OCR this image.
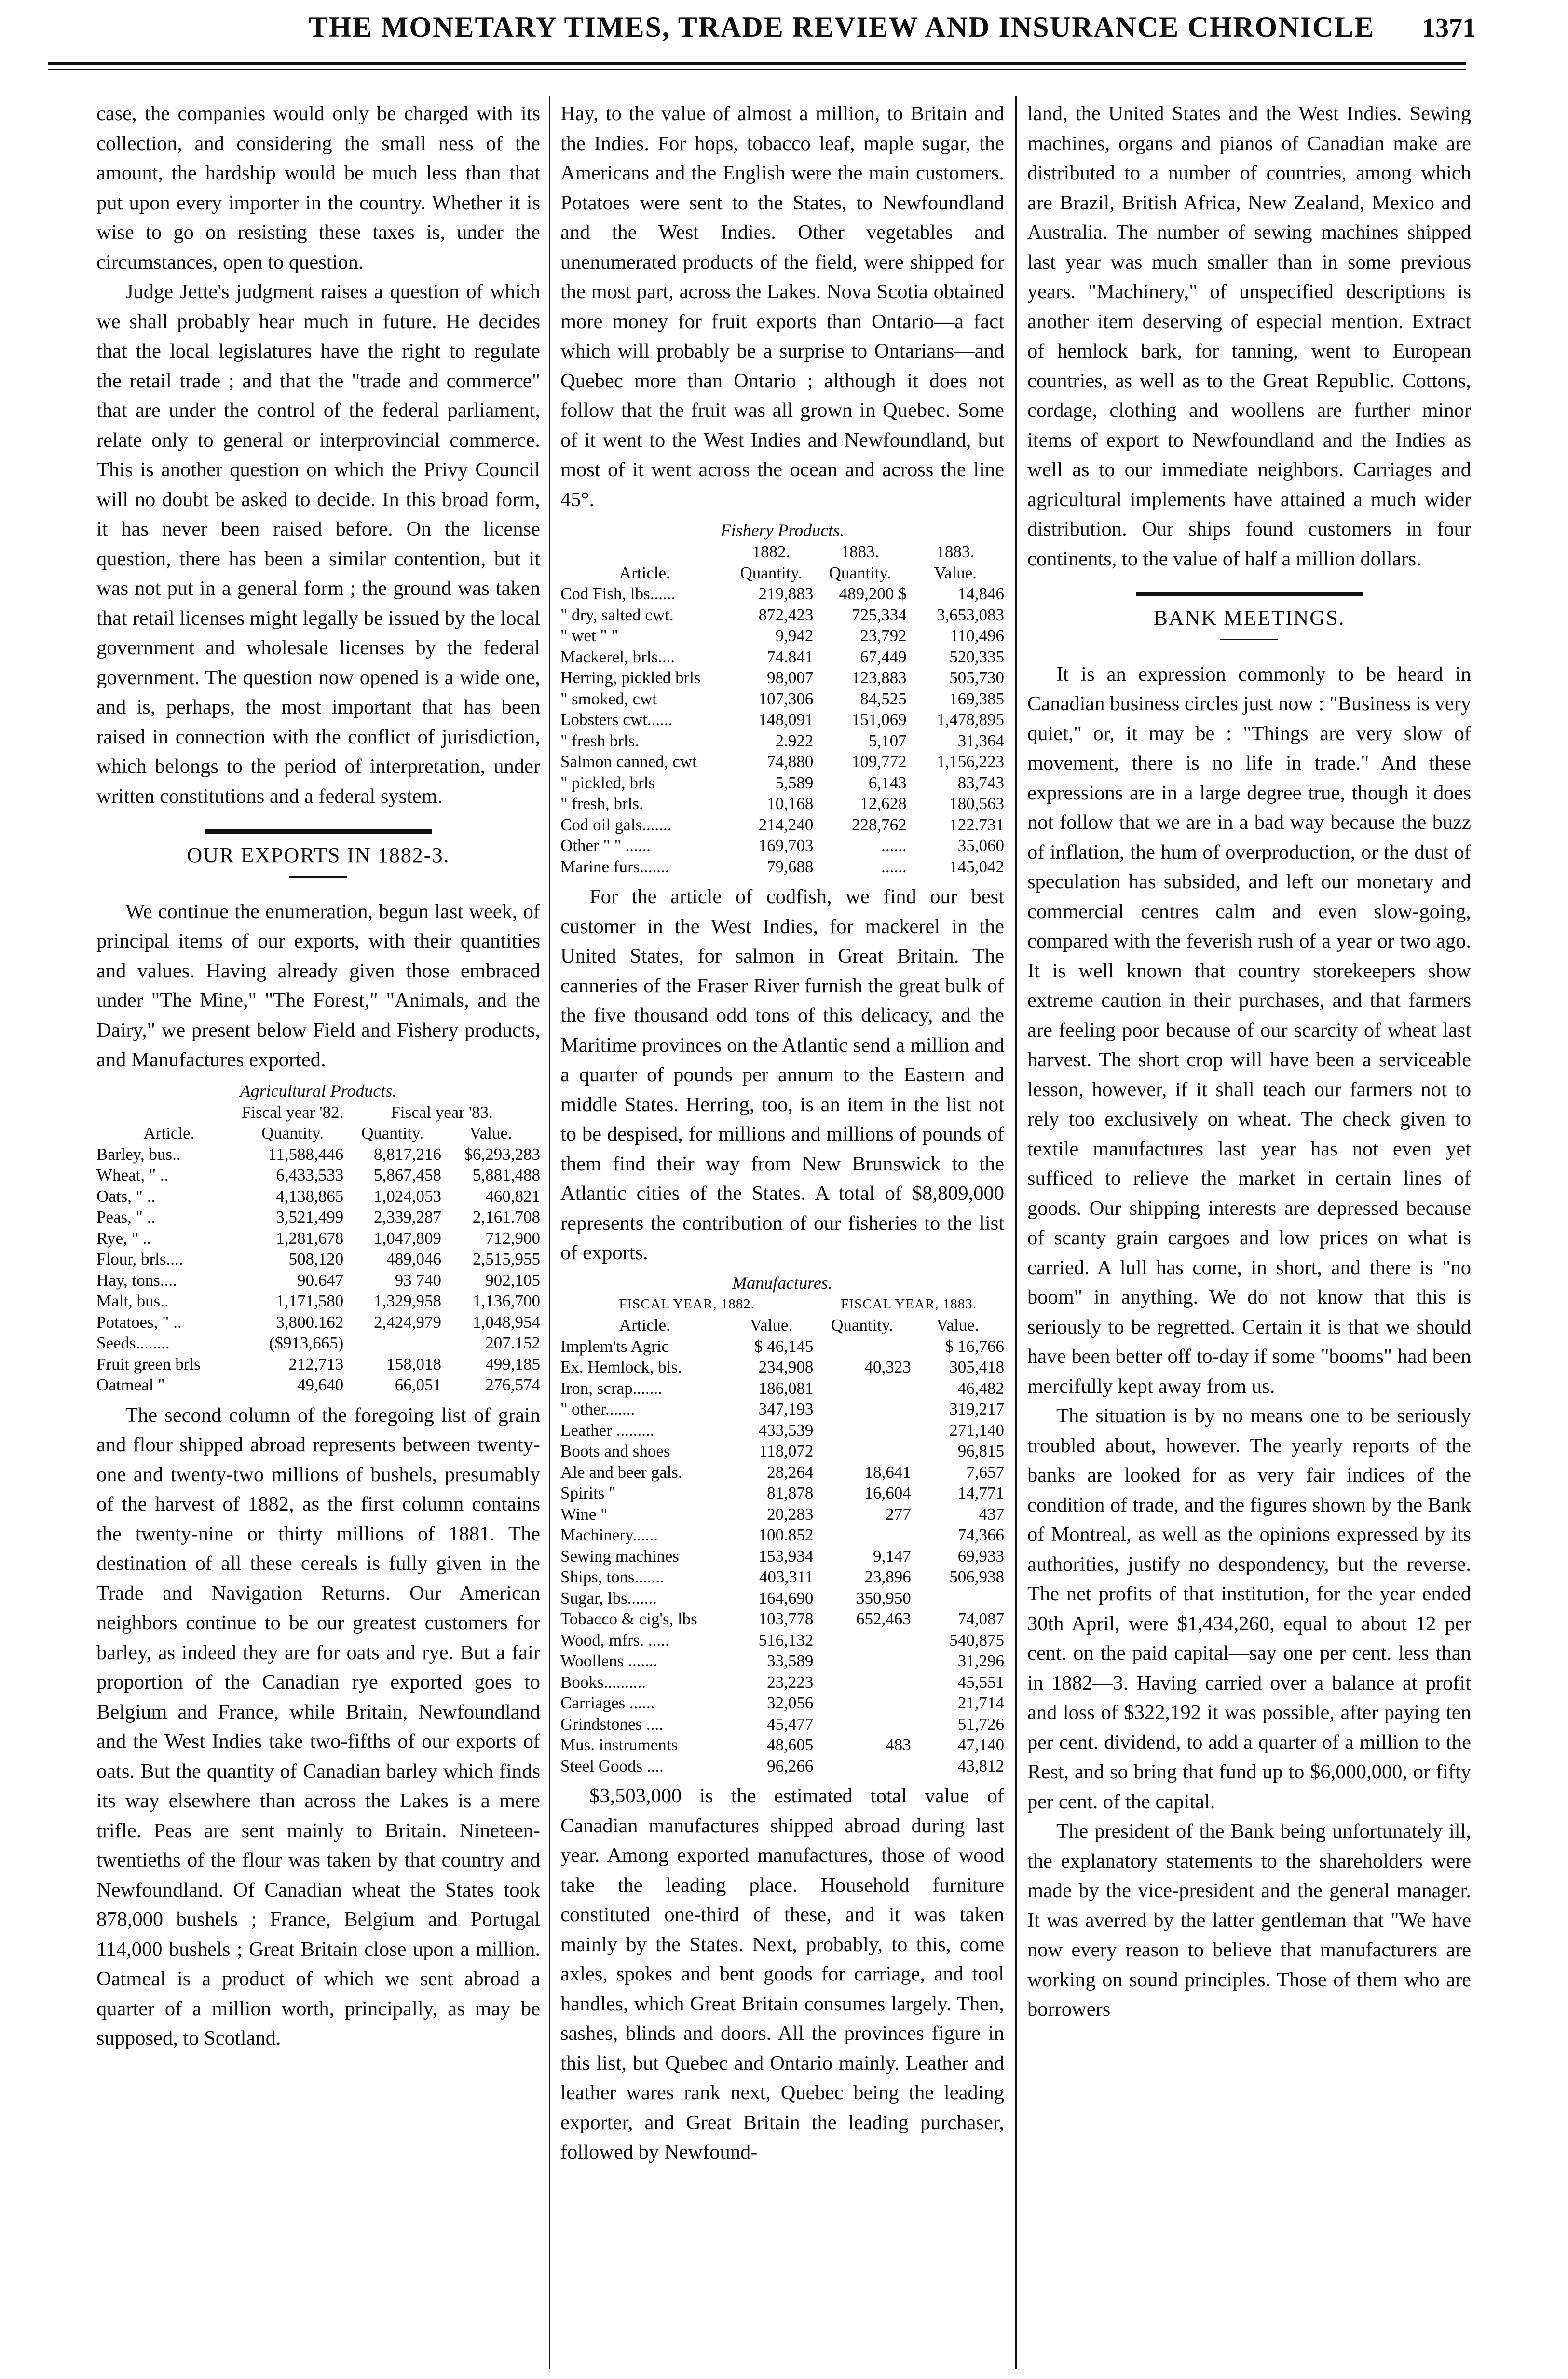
THE MONETARY TIMES, TRADE REVIEW AND INSURANCE CHRONICLE 1371

case, the companies would only be charged with its collection, and considering the small ness of the amount, the hardship would be much less than that put upon every importer in the country. Whether it is wise to go on resisting these taxes is, under the circumstances, open to question.

Judge Jette's judgment raises a question of which we shall probably hear much in future. He decides that the local legislatures have the right to regulate the retail trade ; and that the "trade and commerce" that are under the control of the federal parliament, relate only to general or interprovincial commerce. This is another question on which the Privy Council will no doubt be asked to decide. In this broad form, it has never been raised before. On the license question, there has been a similar contention, but it was not put in a general form ; the ground was taken that retail licenses might legally be issued by the local government and wholesale licenses by the federal government. The question now opened is a wide one, and is, perhaps, the most important that has been raised in connection with the conflict of jurisdiction, which belongs to the period of interpretation, under written constitutions and a federal system.

OUR EXPORTS IN 1882-3.

We continue the enumeration, begun last week, of principal items of our exports, with their quantities and values. Having already given those embraced under "The Mine," "The Forest," "Animals, and the Dairy," we present below Field and Fishery products, and Manufactures exported.

Agricultural Products.
	Fiscal year '82.	Fiscal year '83.	
Article.	Quantity.	Quantity.	Value.
Barley, bus..	11,588,446	8,817,216	$6,293,283
Wheat, " ..	6,433,533	5,867,458	5,881,488
Oats, " ..	4,138,865	1,024,053	460,821
Peas, " ..	3,521,499	2,339,287	2,161.708
Rye, " ..	1,281,678	1,047,809	712,900
Flour, brls....	508,120	489,046	2,515,955
Hay, tons....	90.647	93 740	902,105
Malt, bus..	1,171,580	1,329,958	1,136,700
Potatoes, " ..	3,800.162	2,424,979	1,048,954
Seeds........	($913,665)		207.152
Fruit green brls	212,713	158,018	499,185
Oatmeal "	49,640	66,051	276,574

The second column of the foregoing list of grain and flour shipped abroad represents between twenty-one and twenty-two millions of bushels, presumably of the harvest of 1882, as the first column contains the twenty-nine or thirty millions of 1881. The destination of all these cereals is fully given in the Trade and Navigation Returns. Our American neighbors continue to be our greatest customers for barley, as indeed they are for oats and rye. But a fair proportion of the Canadian rye exported goes to Belgium and France, while Britain, Newfoundland and the West Indies take two-fifths of our exports of oats. But the quantity of Canadian barley which finds its way elsewhere than across the Lakes is a mere trifle. Peas are sent mainly to Britain. Nineteen-twentieths of the flour was taken by that country and Newfoundland. Of Canadian wheat the States took 878,000 bushels ; France, Belgium and Portugal 114,000 bushels ; Great Britain close upon a million. Oatmeal is a product of which we sent abroad a quarter of a million worth, principally, as may be supposed, to Scotland.

Hay, to the value of almost a million, to Britain and the Indies. For hops, tobacco leaf, maple sugar, the Americans and the English were the main customers. Potatoes were sent to the States, to Newfoundland and the West Indies. Other vegetables and unenumerated products of the field, were shipped for the most part, across the Lakes. Nova Scotia obtained more money for fruit exports than Ontario—a fact which will probably be a surprise to Ontarians—and Quebec more than Ontario ; although it does not follow that the fruit was all grown in Quebec. Some of it went to the West Indies and Newfoundland, but most of it went across the ocean and across the line 45°.

Fishery Products.
	1882.	1883.	1883.
Article.	Quantity.	Quantity.	Value.
Cod Fish, lbs......	219,883	489,200 $	14,846
" dry, salted cwt.	872,423	725,334	3,653,083
" wet " "	9,942	23,792	110,496
Mackerel, brls....	74.841	67,449	520,335
Herring, pickled brls	98,007	123,883	505,730
" smoked, cwt	107,306	84,525	169,385
Lobsters cwt......	148,091	151,069	1,478,895
" fresh brls.	2.922	5,107	31,364
Salmon canned, cwt	74,880	109,772	1,156,223
" pickled, brls	5,589	6,143	83,743
" fresh, brls.	10,168	12,628	180,563
Cod oil gals.......	214,240	228,762	122.731
Other " " ......	169,703	......	35,060
Marine furs.......	79,688	......	145,042

For the article of codfish, we find our best customer in the West Indies, for mackerel in the United States, for salmon in Great Britain. The canneries of the Fraser River furnish the great bulk of the five thousand odd tons of this delicacy, and the Maritime provinces on the Atlantic send a million and a quarter of pounds per annum to the Eastern and middle States. Herring, too, is an item in the list not to be despised, for millions and millions of pounds of them find their way from New Brunswick to the Atlantic cities of the States. A total of $8,809,000 represents the contribution of our fisheries to the list of exports.

Manufactures.
FISCAL YEAR, 1882.		FISCAL YEAR, 1883.	
Article.	Value.	Quantity.	Value.
Implem'ts Agric	$ 46,145		$ 16,766
Ex. Hemlock, bls.	234,908	40,323	305,418
Iron, scrap.......	186,081		46,482
" other.......	347,193		319,217
Leather .........	433,539		271,140
Boots and shoes	118,072		96,815
Ale and beer gals.	28,264	18,641	7,657
Spirits "	81,878	16,604	14,771
Wine "	20,283	277	437
Machinery......	100.852		74,366
Sewing machines	153,934	9,147	69,933
Ships, tons.......	403,311	23,896	506,938
Sugar, lbs.......	164,690	350,950	
Tobacco & cig's, lbs	103,778	652,463	74,087
Wood, mfrs. .....	516,132		540,875
Woollens .......	33,589		31,296
Books..........	23,223		45,551
Carriages ......	32,056		21,714
Grindstones ....	45,477		51,726
Mus. instruments	48,605	483	47,140
Steel Goods ....	96,266		43,812

$3,503,000 is the estimated total value of Canadian manufactures shipped abroad during last year. Among exported manufactures, those of wood take the leading place. Household furniture constituted one-third of these, and it was taken mainly by the States. Next, probably, to this, come axles, spokes and bent goods for carriage, and tool handles, which Great Britain consumes largely. Then, sashes, blinds and doors. All the provinces figure in this list, but Quebec and Ontario mainly. Leather and leather wares rank next, Quebec being the leading exporter, and Great Britain the leading purchaser, followed by Newfound-

land, the United States and the West Indies. Sewing machines, organs and pianos of Canadian make are distributed to a number of countries, among which are Brazil, British Africa, New Zealand, Mexico and Australia. The number of sewing machines shipped last year was much smaller than in some previous years. "Machinery," of unspecified descriptions is another item deserving of especial mention. Extract of hemlock bark, for tanning, went to European countries, as well as to the Great Republic. Cottons, cordage, clothing and woollens are further minor items of export to Newfoundland and the Indies as well as to our immediate neighbors. Carriages and agricultural implements have attained a much wider distribution. Our ships found customers in four continents, to the value of half a million dollars.

BANK MEETINGS.

It is an expression commonly to be heard in Canadian business circles just now : "Business is very quiet," or, it may be : "Things are very slow of movement, there is no life in trade." And these expressions are in a large degree true, though it does not follow that we are in a bad way because the buzz of inflation, the hum of overproduction, or the dust of speculation has subsided, and left our monetary and commercial centres calm and even slow-going, compared with the feverish rush of a year or two ago. It is well known that country storekeepers show extreme caution in their purchases, and that farmers are feeling poor because of our scarcity of wheat last harvest. The short crop will have been a serviceable lesson, however, if it shall teach our farmers not to rely too exclusively on wheat. The check given to textile manufactures last year has not even yet sufficed to relieve the market in certain lines of goods. Our shipping interests are depressed because of scanty grain cargoes and low prices on what is carried. A lull has come, in short, and there is "no boom" in anything. We do not know that this is seriously to be regretted. Certain it is that we should have been better off to-day if some "booms" had been mercifully kept away from us.

The situation is by no means one to be seriously troubled about, however. The yearly reports of the banks are looked for as very fair indices of the condition of trade, and the figures shown by the Bank of Montreal, as well as the opinions expressed by its authorities, justify no despondency, but the reverse. The net profits of that institution, for the year ended 30th April, were $1,434,260, equal to about 12 per cent. on the paid capital—say one per cent. less than in 1882—3. Having carried over a balance at profit and loss of $322,192 it was possible, after paying ten per cent. dividend, to add a quarter of a million to the Rest, and so bring that fund up to $6,000,000, or fifty per cent. of the capital.

The president of the Bank being unfortunately ill, the explanatory statements to the shareholders were made by the vice-president and the general manager. It was averred by the latter gentleman that "We have now every reason to believe that manufacturers are working on sound principles. Those of them who are borrowers
